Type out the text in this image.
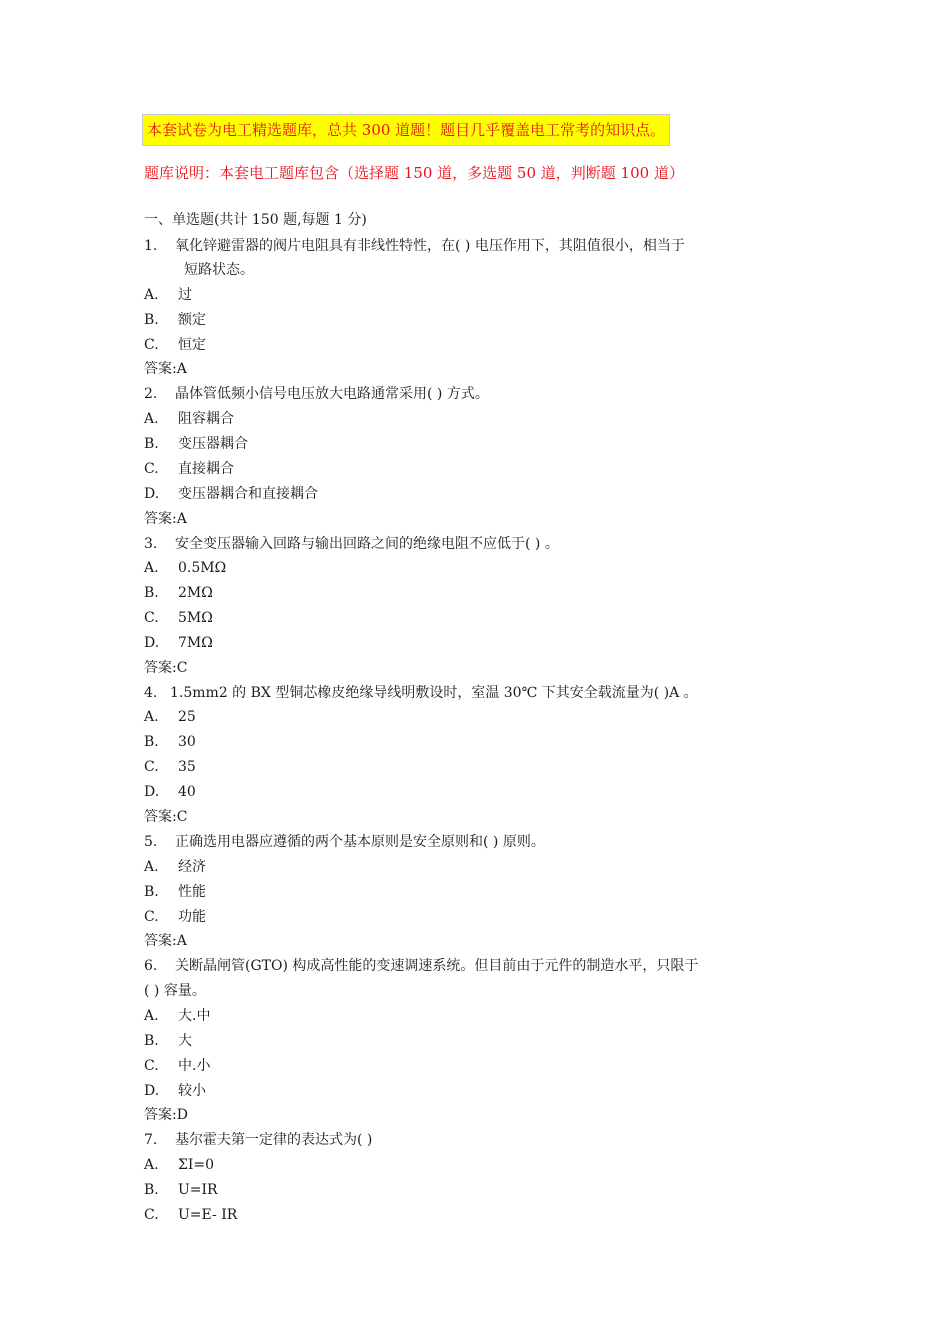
本套试卷为电工精选题库，总共 300 道题！题目几乎覆盖电工常考的知识点。
题库说明：本套电工题库包含（选择题 150 道，多选题 50 道，判断题 100 道）
一、单选题(共计 150 题,每题 1 分)
1. 氧化锌避雷器的阀片电阻具有非线性特性，在( ) 电压作用下，其阻值很小，相当于
短路状态。
A. 过
B. 额定
C. 恒定
答案:A
2. 晶体管低频小信号电压放大电路通常采用( ) 方式。
A. 阻容耦合
B. 变压器耦合
C. 直接耦合
D. 变压器耦合和直接耦合
答案:A
3. 安全变压器输入回路与输出回路之间的绝缘电阻不应低于( ) 。
A. 0.5MΩ
B. 2MΩ
C. 5MΩ
D. 7MΩ
答案:C
4. 1.5mm2 的 BX 型铜芯橡皮绝缘导线明敷设时，室温 30℃ 下其安全载流量为( )A 。
A. 25
B. 30
C. 35
D. 40
答案:C
5. 正确选用电器应遵循的两个基本原则是安全原则和( ) 原则。
A. 经济
B. 性能
C. 功能
答案:A
6. 关断晶闸管(GTO) 构成高性能的变速调速系统。但目前由于元件的制造水平，只限于
( ) 容量。
A. 大.中
B. 大
C. 中.小
D. 较小
答案:D
7. 基尔霍夫第一定律的表达式为( )
A. ΣI=0
B. U=IR
C. U=E- IR
